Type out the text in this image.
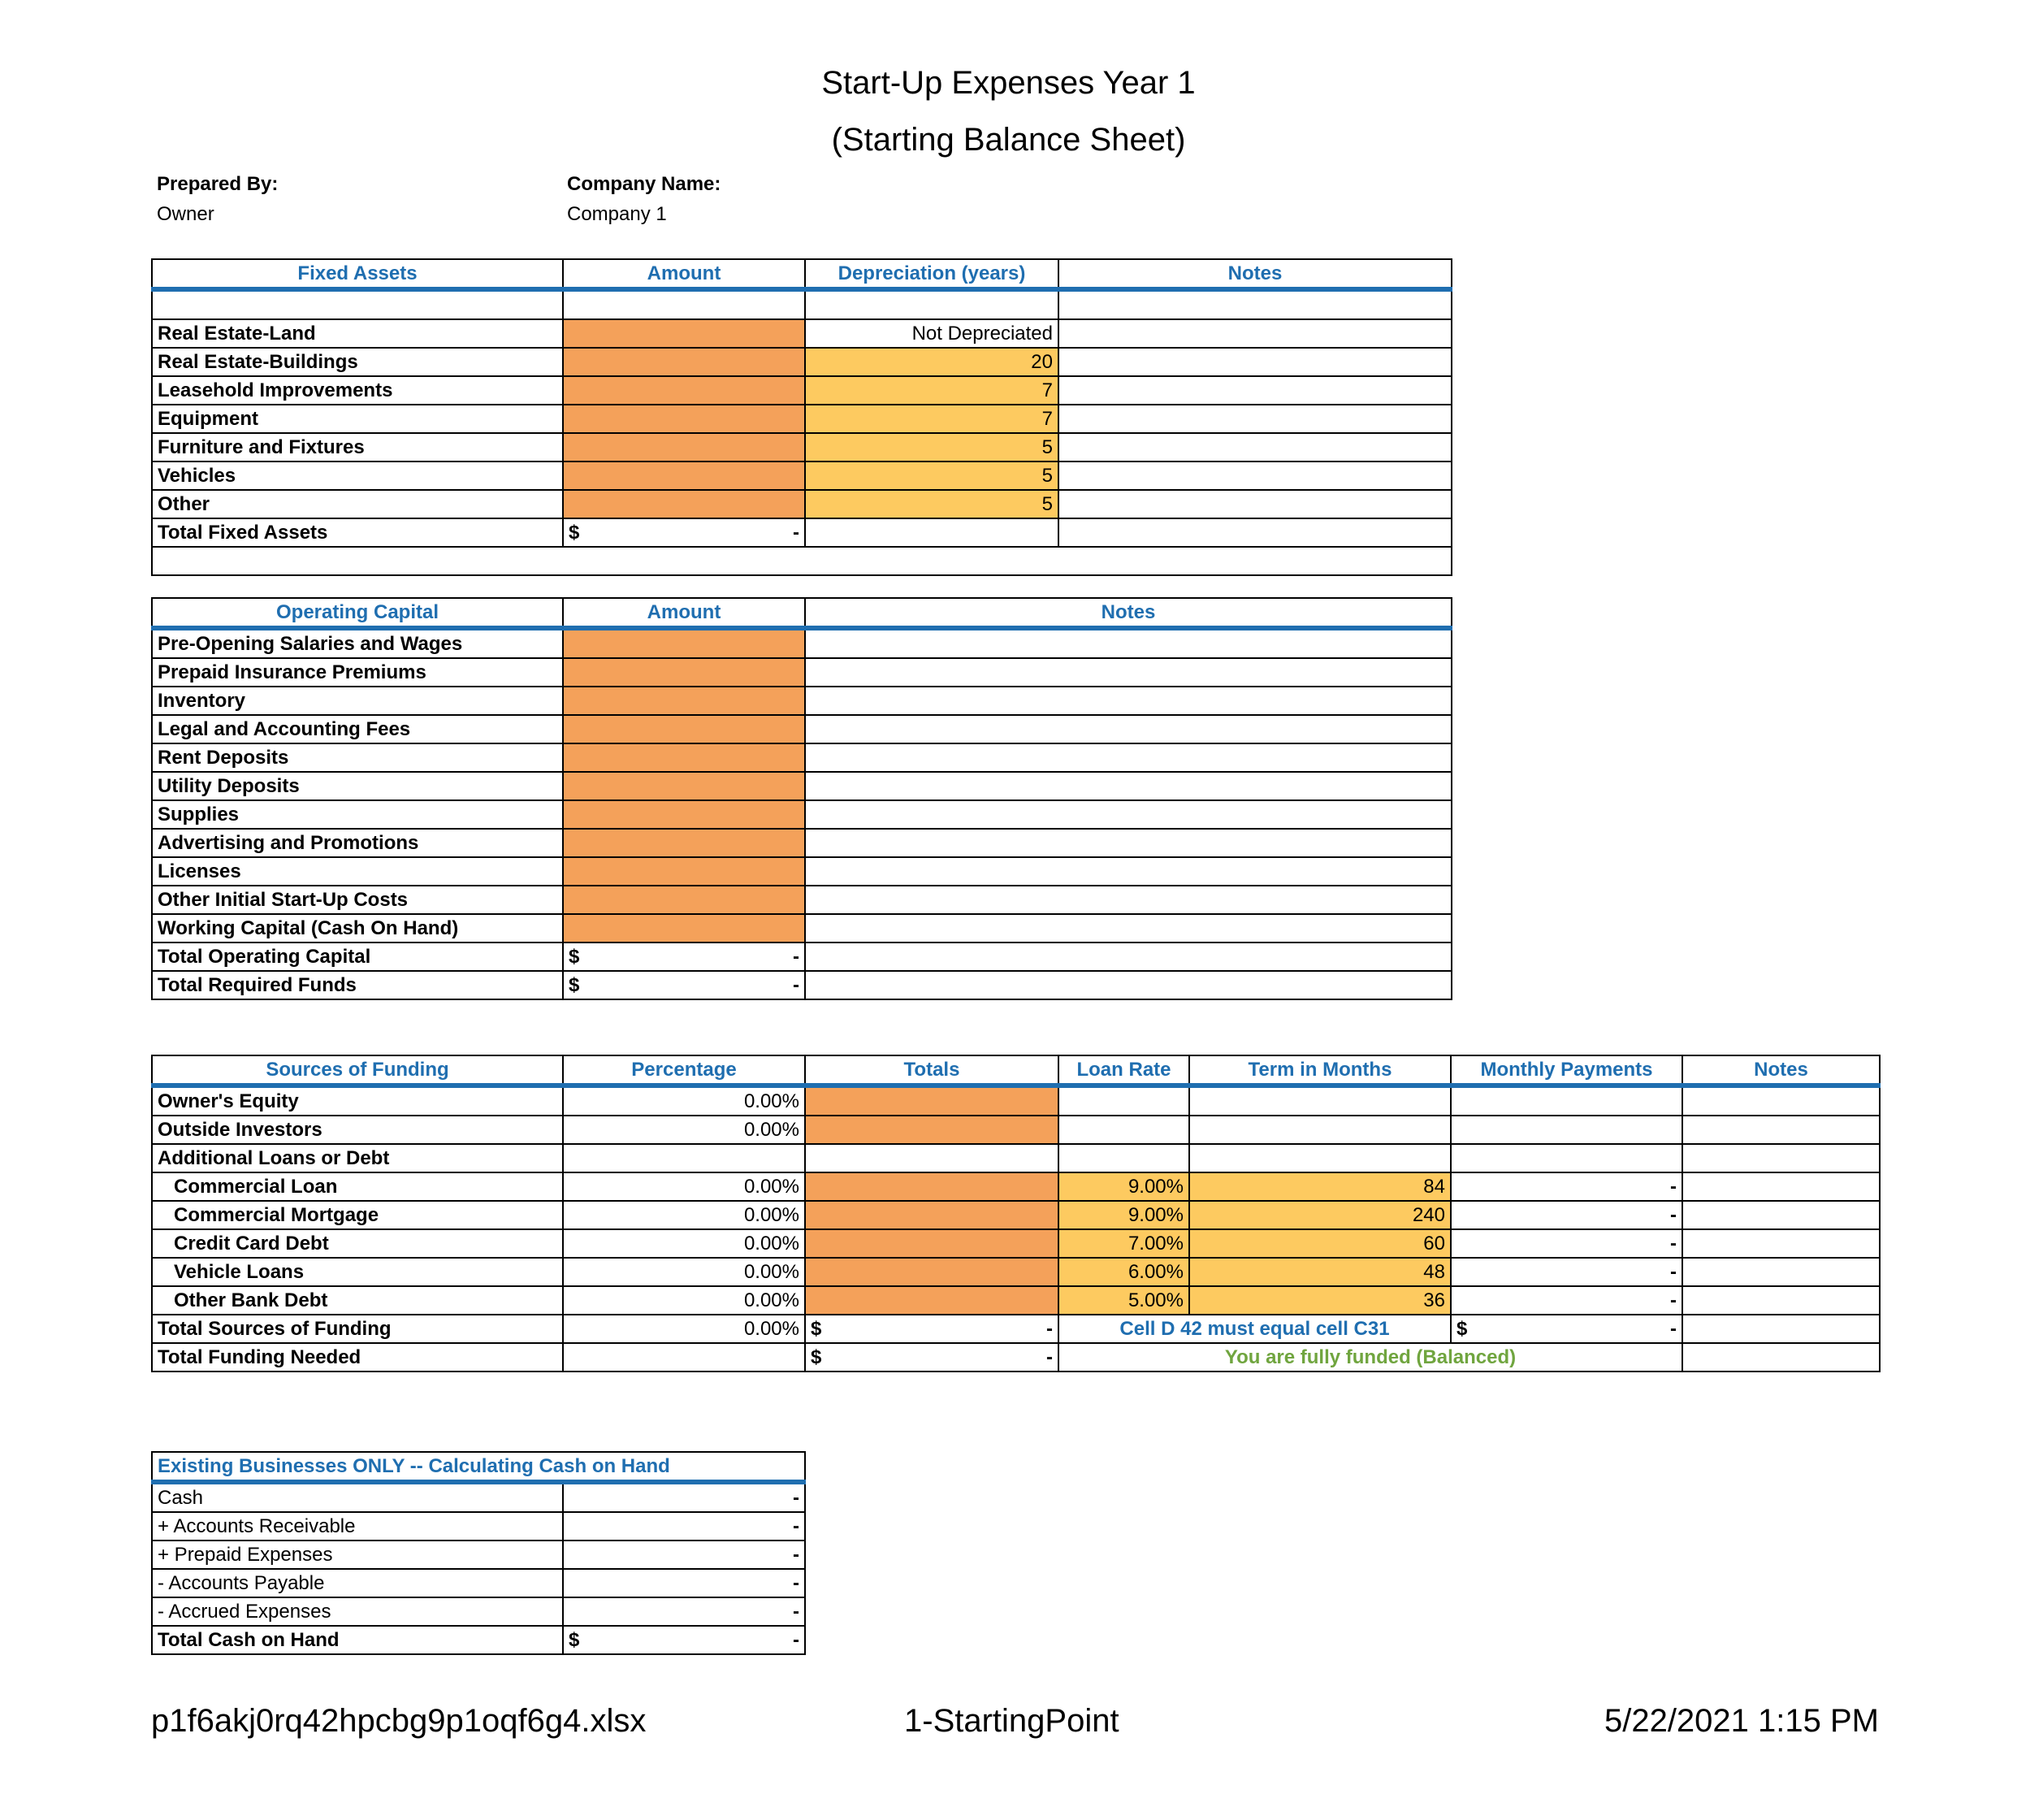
Start-Up Expenses Year 1
(Starting Balance Sheet)
Prepared By:
Owner
Company Name:
Company 1
Fixed Assets	Amount	Depreciation (years)	Notes

Real Estate-Land		Not Depreciated	
Real Estate-Buildings		20	
Leasehold Improvements		7	
Equipment		7	
Furniture and Fixtures		5	
Vehicles		5	
Other		5	
Total Fixed Assets	$ -		

Operating Capital	Amount	Notes
Pre-Opening Salaries and Wages		
Prepaid Insurance Premiums		
Inventory		
Legal and Accounting Fees		
Rent Deposits		
Utility Deposits		
Supplies		
Advertising and Promotions		
Licenses		
Other Initial Start-Up Costs		
Working Capital (Cash On Hand)		
Total Operating Capital	$ -	

Total Required Funds	$ -	

Sources of Funding	Percentage	Totals	Loan Rate	Term in Months	Monthly Payments	Notes
Owner's Equity	0.00%					
Outside Investors	0.00%					
Additional Loans or Debt						
Commercial Loan	0.00%		9.00%	84	-	
Commercial Mortgage	0.00%		9.00%	240	-	
Credit Card Debt	0.00%		7.00%	60	-	
Vehicle Loans	0.00%		6.00%	48	-	
Other Bank Debt	0.00%		5.00%	36	-	
Total Sources of Funding	0.00%	$ -	Cell D 42 must equal cell C31		$ -	

Total Funding Needed		$ -	You are fully funded (Balanced)			
Existing Businesses ONLY -- Calculating Cash on Hand	
Cash	-
+ Accounts Receivable	-
+ Prepaid Expenses	-
- Accounts Payable	-
- Accrued Expenses	-
Total Cash on Hand	$ -
p1f6akj0rq42hpcbg9p1oqf6g4.xlsx	1-StartingPoint	5/22/2021 1:15 PM
